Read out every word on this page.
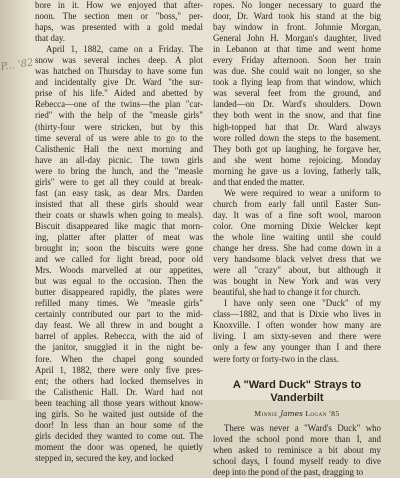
P... '82

bore in it. How we enjoyed that after-

noon. The section men or "boss," per-

haps, was presented with a gold medal

that day.

April 1, 1882, came on a Friday. The

snow was several inches deep. A plot

was hatched on Thursday to have some fun

and incidentally give Dr. Ward "the sur-

prise of his life." Aided and abetted by

Rebecca—one of the twins—the plan "car-

ried" with the help of the "measle girls"

(thirty-four were stricken, but by this

time several of us were able to go to the

Calisthenic Hall the next morning and

have an all-day picnic. The town girls

were to bring the lunch, and the "measle

girls" were to get all they could at break-

fast (an easy task, as dear Mrs. Darden

insisted that all these girls should wear

their coats or shawls when going to meals).

Biscuit disappeared like magic that morn-

ing, platter after platter of meat was

brought in; soon the biscuits were gone

and we called for light bread, poor old

Mrs. Woods marvelled at our appetites,

but was equal to the occasion. Then the

butter disappeared rapidly, the plates were

refilled many times. We "measle girls"

certainly contributed our part to the mid-

day feast. We all threw in and bought a

barrel of apples. Rebecca, with the aid of

the janitor, snuggled it in the night be-

fore. When the chapel gong sounded

April 1, 1882, there were only five pres-

ent; the others had locked themselves in

the Calisthenic Hall. Dr. Ward had not

been teaching all those years without know-

ing girls. So he waited just outside of the

door! In less than an hour some of the

girls decided they wanted to come out. The

moment the door was opened, he quietly

stepped in, secured the key, and locked

ropes. No longer necessary to guard the

door, Dr. Ward took his stand at the big

bay window in front. Johnnie Morgan,

General John H. Morgan's daughter, lived

in Lebanon at that time and went home

every Friday afternoon. Soon her train

was due. She could wait no longer, so she

took a flying leap from that window, which

was several feet from the ground, and

landed—on Dr. Ward's shoulders. Down

they both went in the snow, and that fine

high-topped hat that Dr. Ward always

wore rolled down the steps to the basement.

They both got up laughing, he forgave her,

and she went home rejoicing. Monday

morning he gave us a loving, fatherly talk,

and that ended the matter.

We were required to wear a uniform to

church from early fall until Easter Sun-

day. It was of a fine soft wool, maroon

color. One morning Dixie Welcker kept

the whole line waiting until she could

change her dress. She had come down in a

very handsome black velvet dress that we

were all "crazy" about, but although it

was bought in New York and was very

beautiful, she had to change it for church.

I have only seen one "Duck" of my

class—1882, and that is Dixie who lives in

Knoxville. I often wonder how many are

living. I am sixty-seven and there were

only a few any younger than I and there

were forty or forty-two in the class.

A "Ward Duck" Strays to Vanderbilt
Minnie James Logan '85

There was never a "Ward's Duck" who

loved the school pond more than I, and

when asked to reminisce a bit about my

school days, I found myself ready to dive

deep into the pond of the past, dragging to
